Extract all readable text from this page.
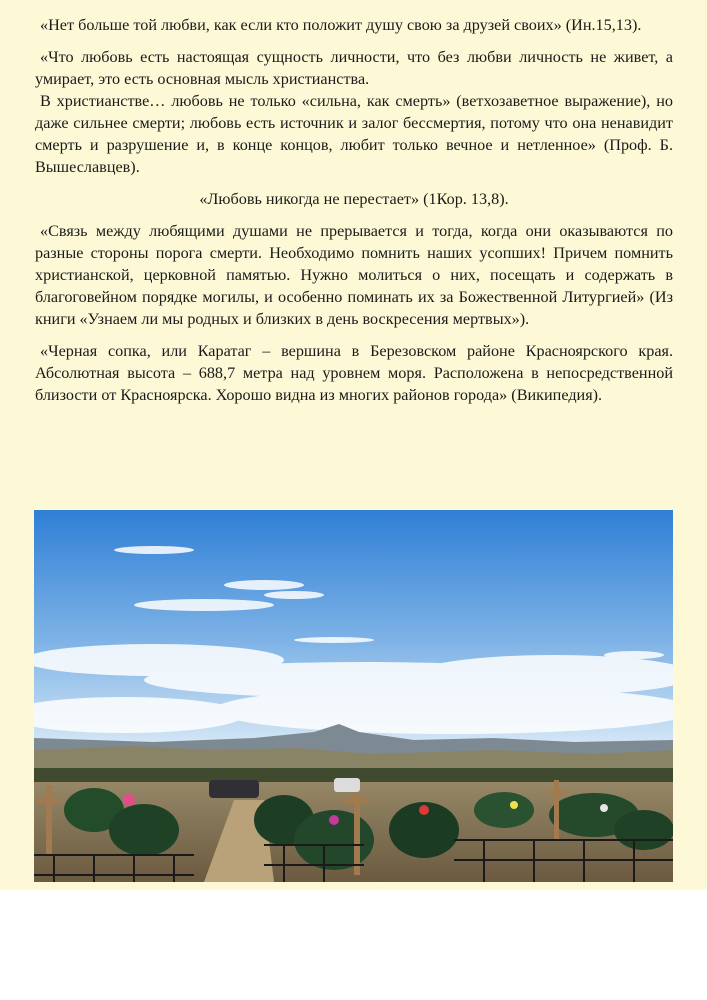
«Нет больше той любви, как если кто положит душу свою за друзей своих» (Ин.15,13).

«Что любовь есть настоящая сущность личности, что без любви личность не живет, а умирает, это есть основная мысль христианства.
В христианстве… любовь не только «сильна, как смерть» (ветхозаветное выражение), но даже сильнее смерти; любовь есть источник и залог бессмертия, потому что она ненавидит смерть и разрушение и, в конце концов, любит только вечное и нетленное» (Проф. Б. Вышеславцев).

«Любовь никогда не перестает» (1Кор. 13,8).

«Связь между любящими душами не прерывается и тогда, когда они оказываются по разные стороны порога смерти. Необходимо помнить наших усопших! Причем помнить христианской, церковной памятью. Нужно молиться о них, посещать и содержать в благоговейном порядке могилы, и особенно поминать их за Божественной Литургией» (Из книги «Узнаем ли мы родных и близких в день воскресения мертвых»).

«Черная сопка, или Каратаг – вершина в Березовском районе Красноярского края. Абсолютная высота – 688,7 метра над уровнем моря. Расположена в непосредственной близости от Красноярска. Хорошо видна из многих районов города» (Википедия).
